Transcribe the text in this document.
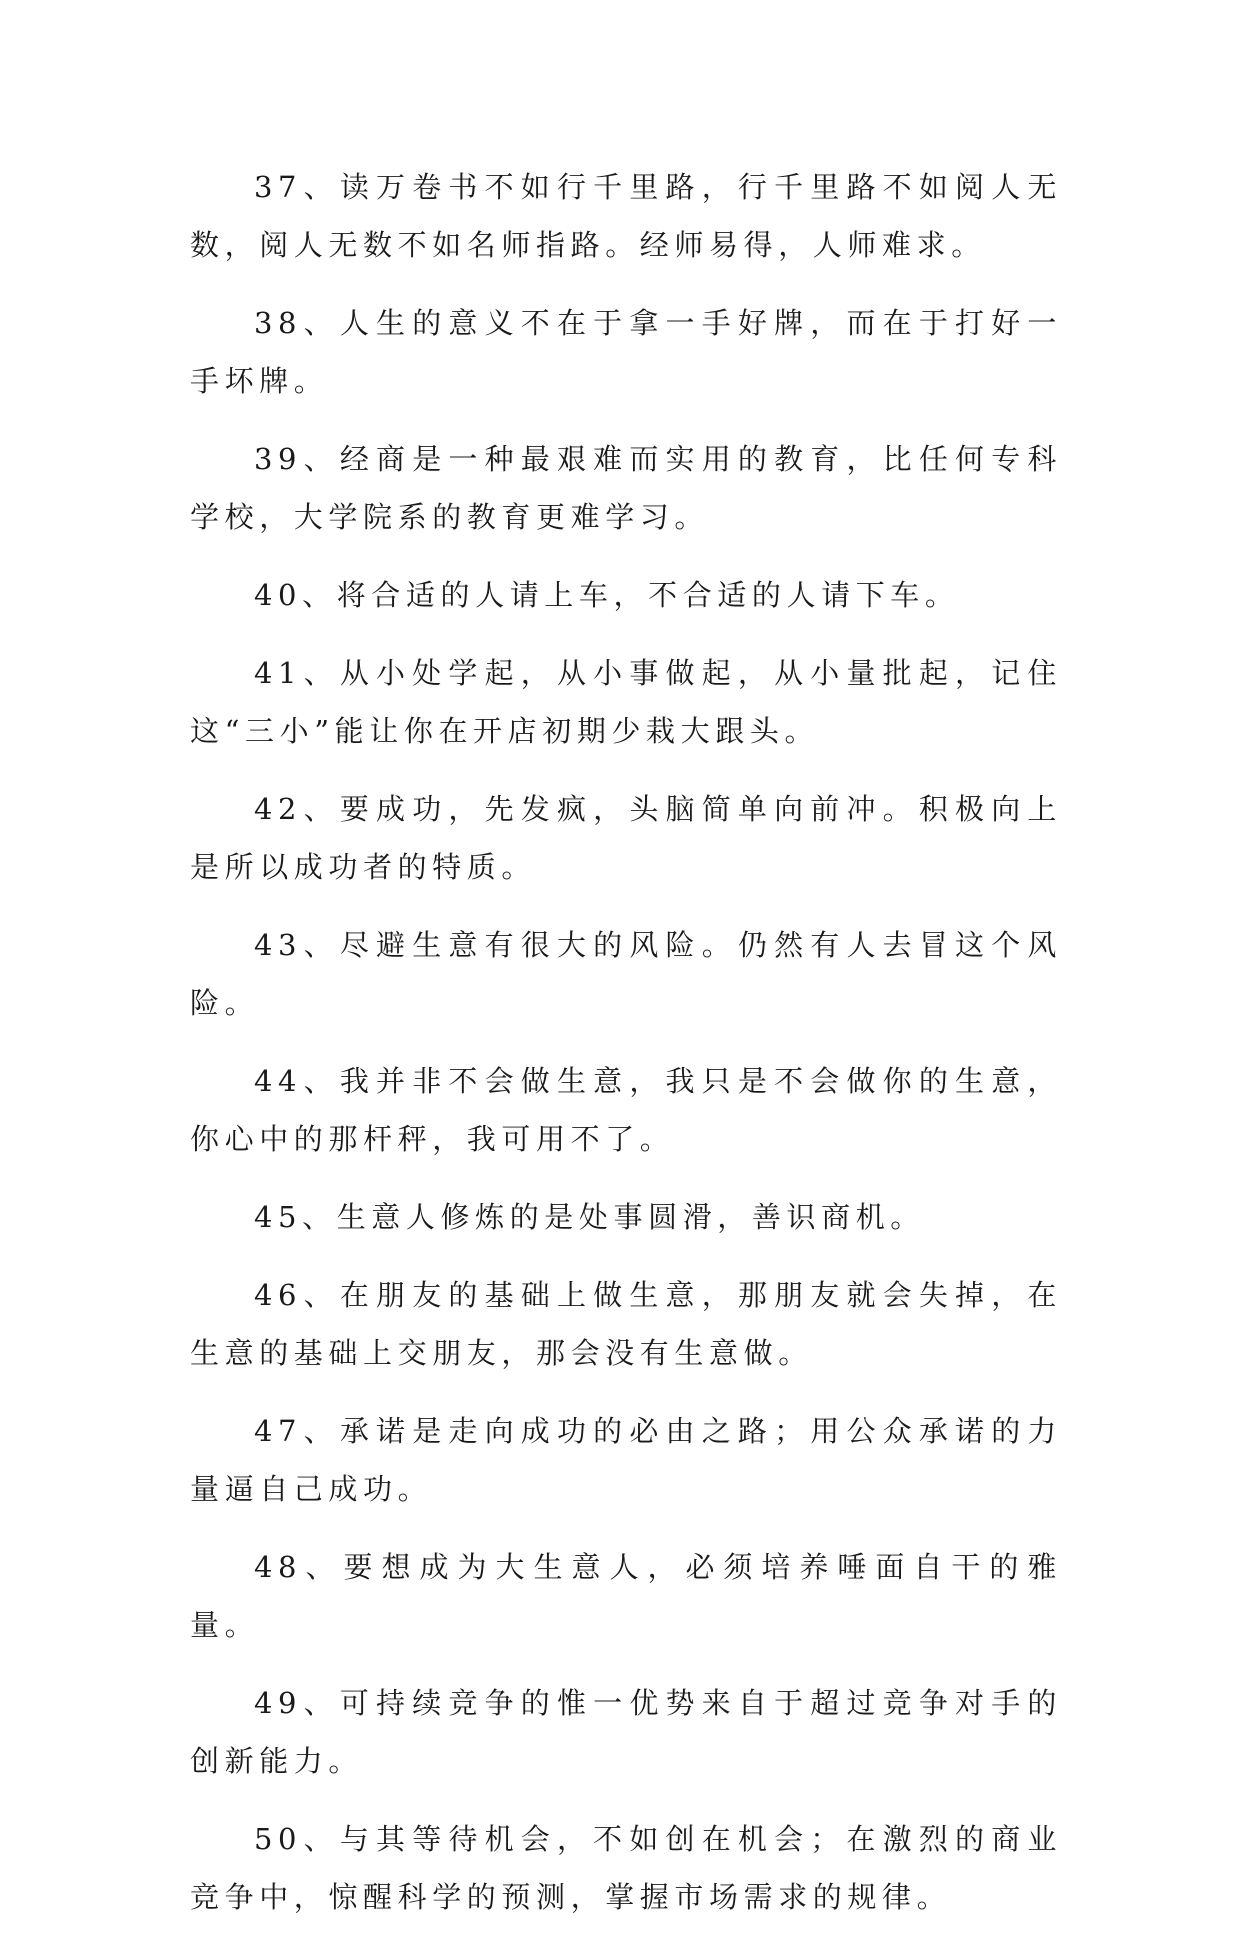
37、读万卷书不如行千里路，行千里路不如阅人无数，阅人无数不如名师指路。经师易得，人师难求。

38、人生的意义不在于拿一手好牌，而在于打好一手坏牌。

39、经商是一种最艰难而实用的教育，比任何专科学校，大学院系的教育更难学习。

40、将合适的人请上车，不合适的人请下车。

41、从小处学起，从小事做起，从小量批起，记住这“三小”能让你在开店初期少栽大跟头。

42、要成功，先发疯，头脑简单向前冲。积极向上是所以成功者的特质。

43、尽避生意有很大的风险。仍然有人去冒这个风险。

44、我并非不会做生意，我只是不会做你的生意，你心中的那杆秤，我可用不了。

45、生意人修炼的是处事圆滑，善识商机。

46、在朋友的基础上做生意，那朋友就会失掉，在生意的基础上交朋友，那会没有生意做。

47、承诺是走向成功的必由之路；用公众承诺的力量逼自己成功。

48、要想成为大生意人，必须培养唾面自干的雅量。

49、可持续竞争的惟一优势来自于超过竞争对手的创新能力。

50、与其等待机会，不如创在机会；在激烈的商业竞争中，惊醒科学的预测，掌握市场需求的规律。
